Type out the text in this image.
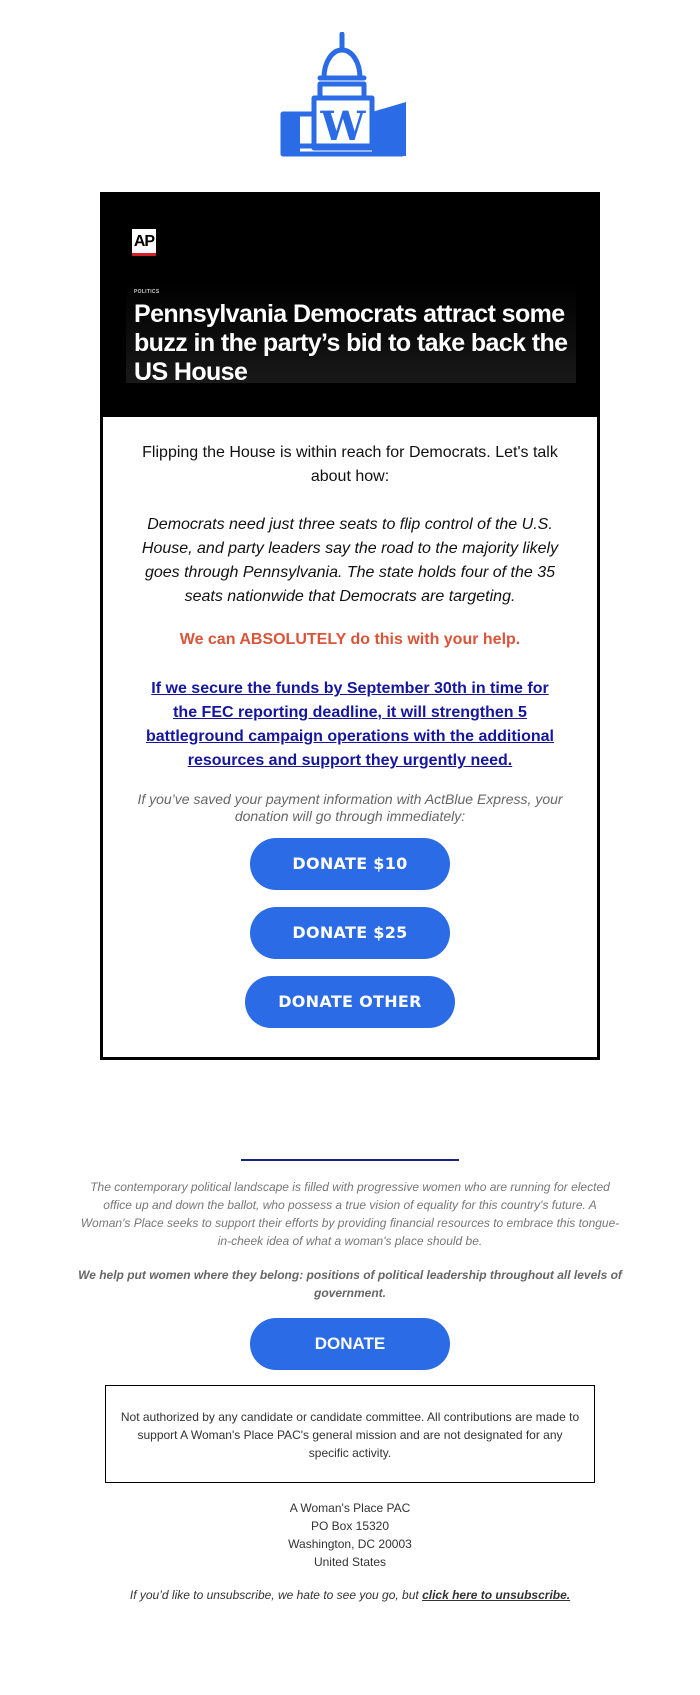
W
AP
POLITICS
Pennsylvania Democrats attract some buzz in the party’s bid to take back the US House

Flipping the House is within reach for Democrats. Let's talk about how:

Democrats need just three seats to flip control of the U.S. House, and party leaders say the road to the majority likely goes through Pennsylvania. The state holds four of the 35 seats nationwide that Democrats are targeting.

We can ABSOLUTELY do this with your help.

If we secure the funds by September 30th in time for the FEC reporting deadline, it will strengthen 5 battleground campaign operations with the additional resources and support they urgently need.

If you’ve saved your payment information with ActBlue Express, your donation will go through immediately:

DONATE $10
DONATE $25
DONATE OTHER

The contemporary political landscape is filled with progressive women who are running for elected office up and down the ballot, who possess a true vision of equality for this country's future. A Woman's Place seeks to support their efforts by providing financial resources to embrace this tongue-in-cheek idea of what a woman's place should be.

We help put women where they belong: positions of political leadership throughout all levels of government.

DONATE
Not authorized by any candidate or candidate committee. All contributions are made to support A Woman's Place PAC's general mission and are not designated for any specific activity.
A Woman's Place PAC
PO Box 15320
Washington, DC 20003
United States

If you’d like to unsubscribe, we hate to see you go, but click here to unsubscribe.
